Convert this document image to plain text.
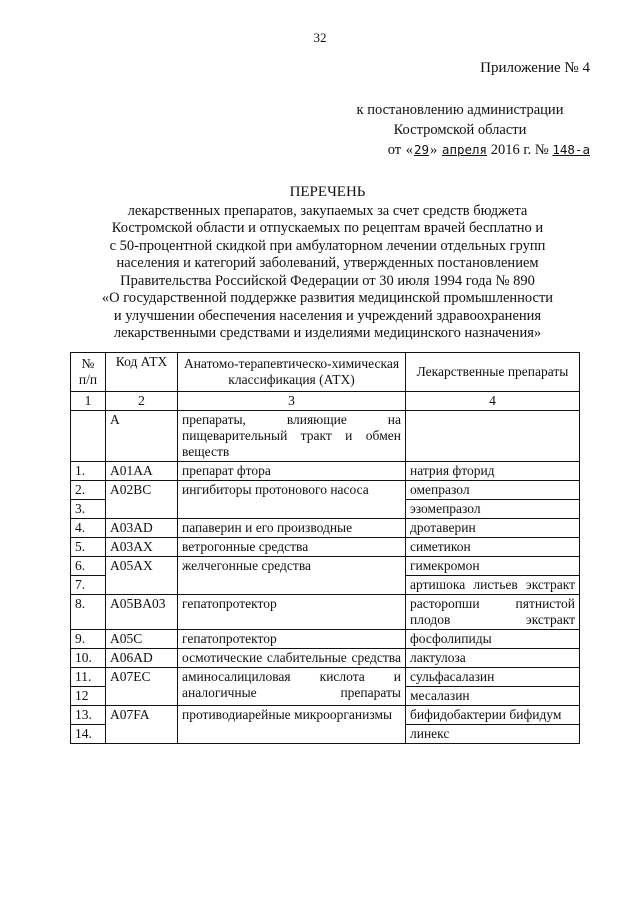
32
Приложение № 4
к постановлению администрации
Костромской области
от «29» апреля 2016 г. № 148-а
ПЕРЕЧЕНЬ
лекарственных препаратов, закупаемых за счет средств бюджета
Костромской области и отпускаемых по рецептам врачей бесплатно и
с 50-процентной скидкой при амбулаторном лечении отдельных групп
населения и категорий заболеваний, утвержденных постановлением
Правительства Российской Федерации от 30 июля 1994 года № 890
«О государственной поддержке развития медицинской промышленности
и улучшении обеспечения населения и учреждений здравоохранения
лекарственными средствами и изделиями медицинского назначения»
№ п/п	Код АТХ	Анатомо-терапевтическо-химическая классификация (АТХ)	Лекарственные препараты
1	2	3	4
	А	препараты, влияющие на пищеварительный тракт и обмен веществ	
1.	A01AA	препарат фтора	натрия фторид
2.	A02BC	ингибиторы протонового насоса	омепразол
3.			эзомепразол
4.	A03AD	папаверин и его производные	дротаверин
5.	A03AX	ветрогонные средства	симетикон
6.	A05AX	желчегонные средства	гимекромон
7.			артишока листьев экстракт
8.	A05BA03	гепатопротектор	расторопши пятнистой плодов экстракт
9.	A05C	гепатопротектор	фосфолипиды
10.	A06AD	осмотические слабительные средства	лактулоза
11.	A07EC	аминосалициловая кислота и аналогичные препараты	сульфасалазин
12			месалазин
13.	A07FA	противодиарейные микроорганизмы	бифидобактерии бифидум
14.			линекс
